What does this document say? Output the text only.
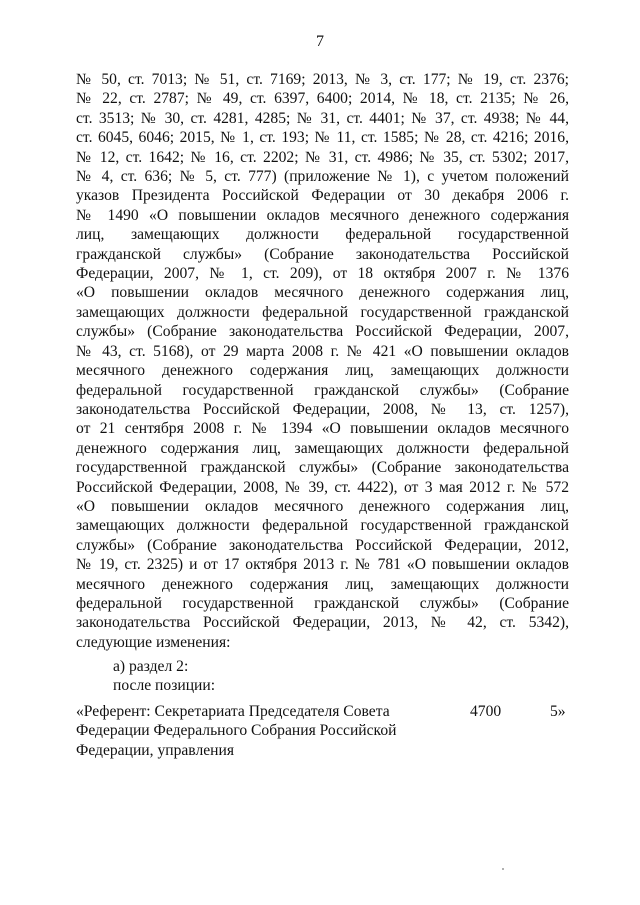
7
№ 50, ст. 7013; № 51, ст. 7169; 2013, № 3, ст. 177; № 19, ст. 2376;
№ 22, ст. 2787; № 49, ст. 6397, 6400; 2014, № 18, ст. 2135; № 26,
ст. 3513; № 30, ст. 4281, 4285; № 31, ст. 4401; № 37, ст. 4938; № 44,
ст. 6045, 6046; 2015, № 1, ст. 193; № 11, ст. 1585; № 28, ст. 4216; 2016,
№ 12, ст. 1642; № 16, ст. 2202; № 31, ст. 4986; № 35, ст. 5302; 2017,
№ 4, ст. 636; № 5, ст. 777) (приложение № 1), с учетом положений
указов Президента Российской Федерации от 30 декабря 2006 г.
№ 1490 «О повышении окладов месячного денежного содержания
лиц, замещающих должности федеральной государственной
гражданской службы» (Собрание законодательства Российской
Федерации, 2007, № 1, ст. 209), от 18 октября 2007 г. № 1376
«О повышении окладов месячного денежного содержания лиц,
замещающих должности федеральной государственной гражданской
службы» (Собрание законодательства Российской Федерации, 2007,
№ 43, ст. 5168), от 29 марта 2008 г. № 421 «О повышении окладов
месячного денежного содержания лиц, замещающих должности
федеральной государственной гражданской службы» (Собрание
законодательства Российской Федерации, 2008, № 13, ст. 1257),
от 21 сентября 2008 г. № 1394 «О повышении окладов месячного
денежного содержания лиц, замещающих должности федеральной
государственной гражданской службы» (Собрание законодательства
Российской Федерации, 2008, № 39, ст. 4422), от 3 мая 2012 г. № 572
«О повышении окладов месячного денежного содержания лиц,
замещающих должности федеральной государственной гражданской
службы» (Собрание законодательства Российской Федерации, 2012,
№ 19, ст. 2325) и от 17 октября 2013 г. № 781 «О повышении окладов
месячного денежного содержания лиц, замещающих должности
федеральной государственной гражданской службы» (Собрание
законодательства Российской Федерации, 2013, № 42, ст. 5342),
следующие изменения:
а) раздел 2:
после позиции:
«Референт: Секретариата Председателя Совета Федерации Федерального Собрания Российской Федерации, управления
4700	5»
